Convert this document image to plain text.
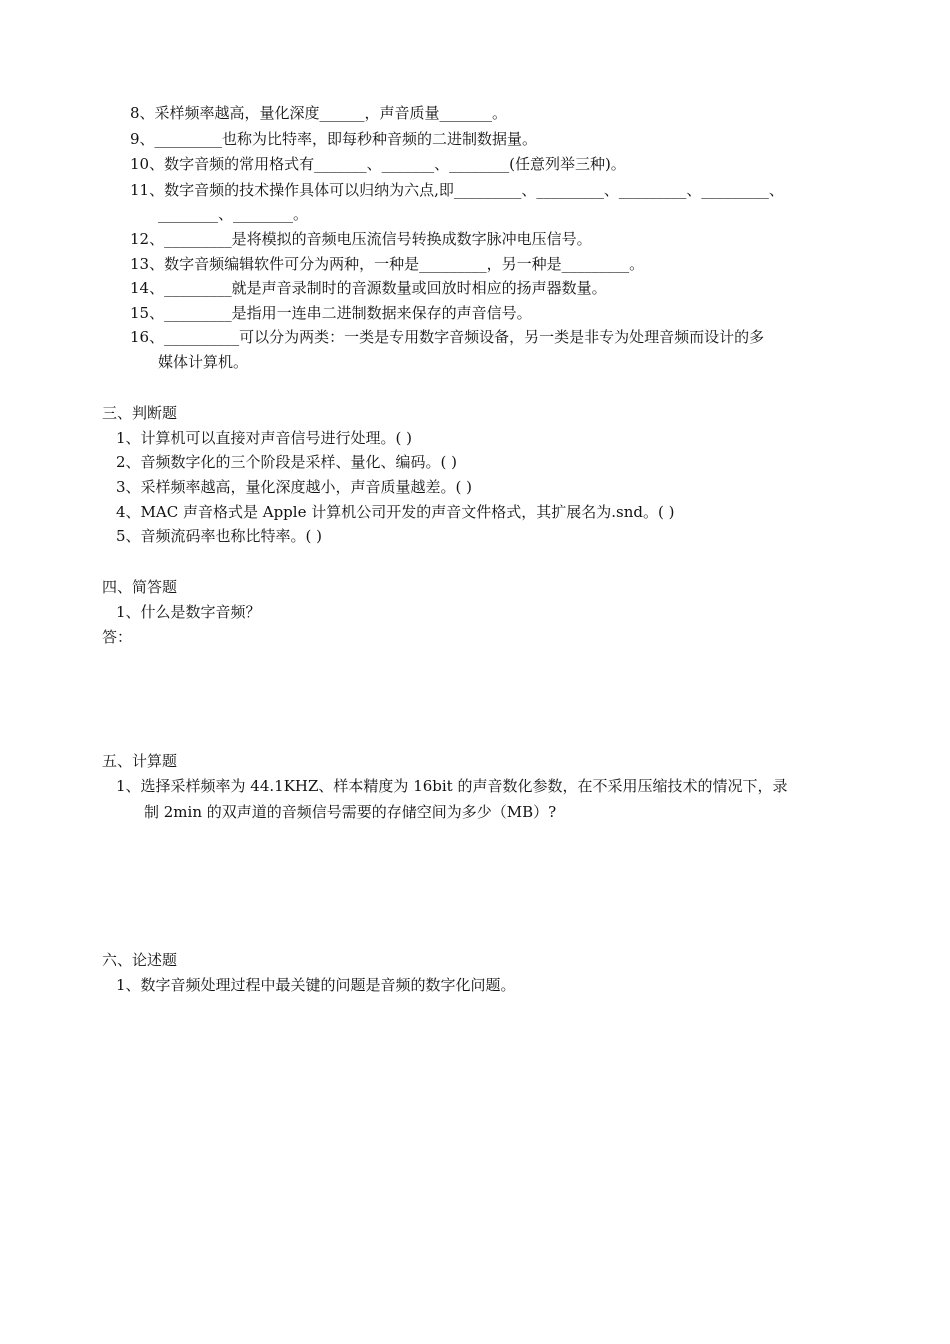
8、采样频率越高，量化深度______，声音质量_______。
9、_________也称为比特率，即每秒种音频的二进制数据量。
10、数字音频的常用格式有_______、_______、________(任意列举三种)。
11、数字音频的技术操作具体可以归纳为六点,即_________、_________、_________、_________、
________、________。
12、_________是将模拟的音频电压流信号转换成数字脉冲电压信号。
13、数字音频编辑软件可分为两种，一种是_________，另一种是_________。
14、_________就是声音录制时的音源数量或回放时相应的扬声器数量。
15、_________是指用一连串二进制数据来保存的声音信号。
16、__________可以分为两类：一类是专用数字音频设备，另一类是非专为处理音频而设计的多
媒体计算机。
三、判断题
1、计算机可以直接对声音信号进行处理。( )
2、音频数字化的三个阶段是采样、量化、编码。( )
3、采样频率越高，量化深度越小，声音质量越差。( )
4、MAC 声音格式是 Apple 计算机公司开发的声音文件格式，其扩展名为.snd。( )
5、音频流码率也称比特率。( )
四、简答题
1、什么是数字音频？
答：
五、计算题
1、选择采样频率为 44.1KHZ、样本精度为 16bit 的声音数化参数，在不采用压缩技术的情况下，录
制 2min 的双声道的音频信号需要的存储空间为多少（MB）?
六、论述题
1、数字音频处理过程中最关键的问题是音频的数字化问题。
